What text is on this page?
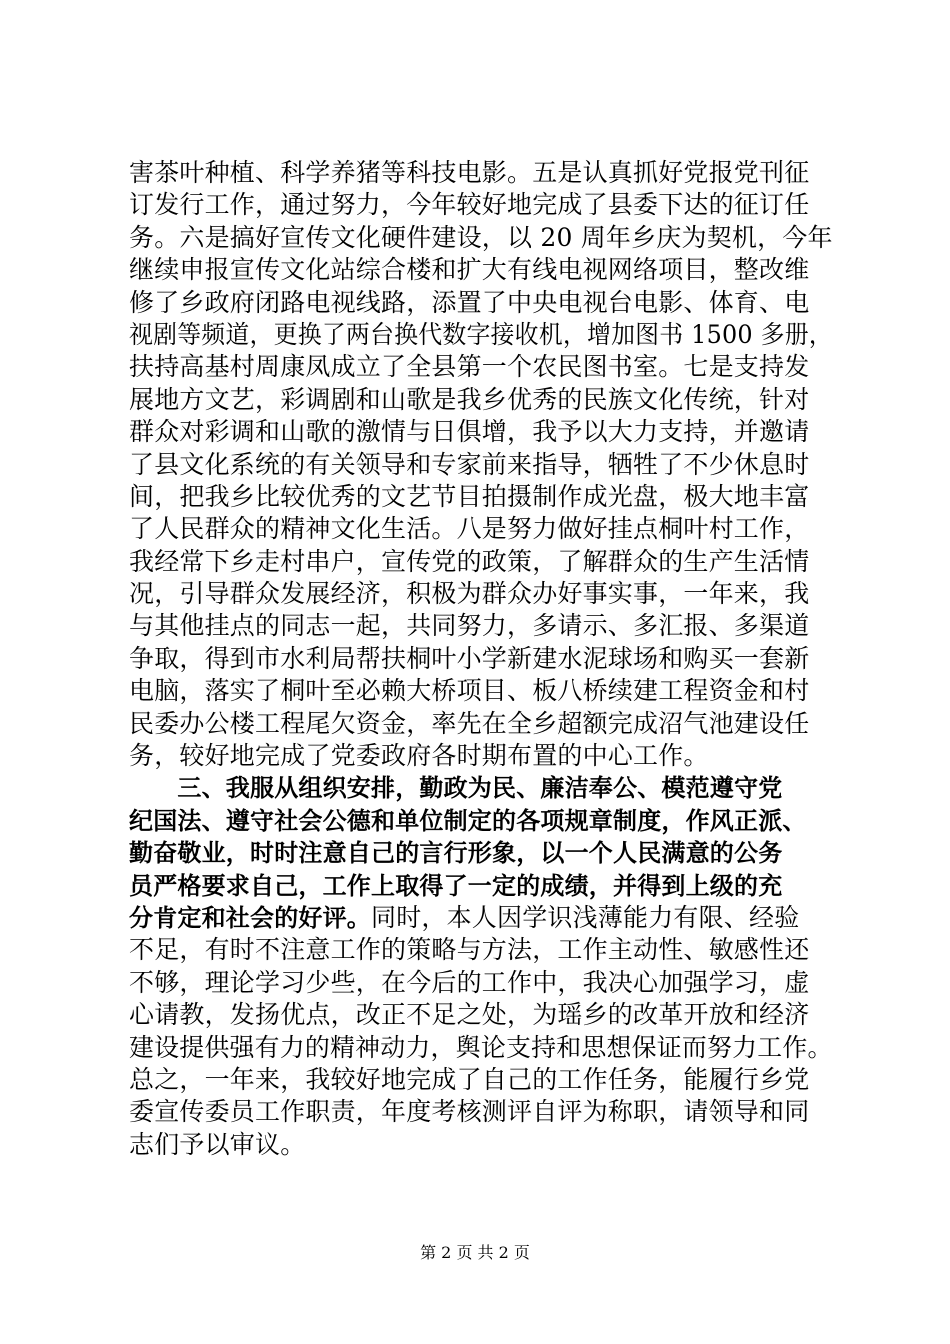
害茶叶种植、科学养猪等科技电影。五是认真抓好党报党刊征
订发行工作，通过努力，今年较好地完成了县委下达的征订任
务。六是搞好宣传文化硬件建设，以 20 周年乡庆为契机，今年
继续申报宣传文化站综合楼和扩大有线电视网络项目，整改维
修了乡政府闭路电视线路，添置了中央电视台电影、体育、电
视剧等频道，更换了两台换代数字接收机，增加图书 1500 多册，
扶持高基村周康凤成立了全县第一个农民图书室。七是支持发
展地方文艺，彩调剧和山歌是我乡优秀的民族文化传统，针对
群众对彩调和山歌的激情与日俱增，我予以大力支持，并邀请
了县文化系统的有关领导和专家前来指导，牺牲了不少休息时
间，把我乡比较优秀的文艺节目拍摄制作成光盘，极大地丰富
了人民群众的精神文化生活。八是努力做好挂点桐叶村工作，
我经常下乡走村串户，宣传党的政策，了解群众的生产生活情
况，引导群众发展经济，积极为群众办好事实事，一年来，我
与其他挂点的同志一起，共同努力，多请示、多汇报、多渠道
争取，得到市水利局帮扶桐叶小学新建水泥球场和购买一套新
电脑，落实了桐叶至必赖大桥项目、板八桥续建工程资金和村
民委办公楼工程尾欠资金，率先在全乡超额完成沼气池建设任
务，较好地完成了党委政府各时期布置的中心工作。
　　三、我服从组织安排，勤政为民、廉洁奉公、模范遵守党
纪国法、遵守社会公德和单位制定的各项规章制度，作风正派、
勤奋敬业，时时注意自己的言行形象，以一个人民满意的公务
员严格要求自己，工作上取得了一定的成绩，并得到上级的充
分肯定和社会的好评。同时，本人因学识浅薄能力有限、经验
不足，有时不注意工作的策略与方法，工作主动性、敏感性还
不够，理论学习少些，在今后的工作中，我决心加强学习，虚
心请教，发扬优点，改正不足之处，为瑶乡的改革开放和经济
建设提供强有力的精神动力，舆论支持和思想保证而努力工作。
总之，一年来，我较好地完成了自己的工作任务，能履行乡党
委宣传委员工作职责，年度考核测评自评为称职，请领导和同
志们予以审议。
第 2 页 共 2 页
